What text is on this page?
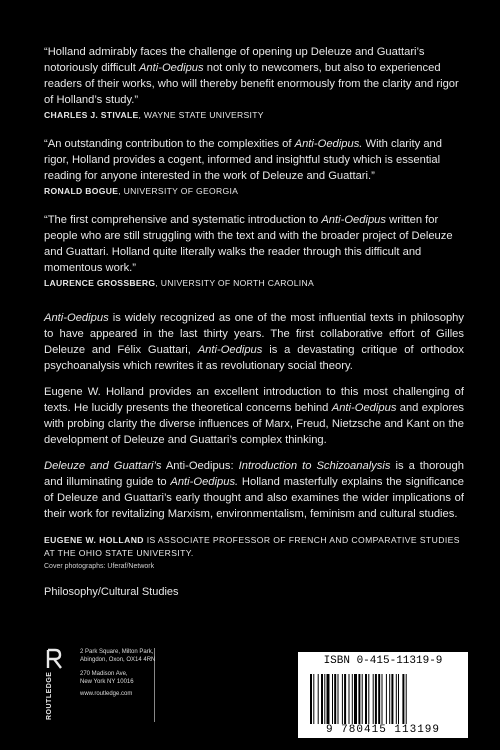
“Holland admirably faces the challenge of opening up Deleuze and Guattari’s notoriously difficult Anti-Oedipus not only to newcomers, but also to experienced readers of their works, who will thereby benefit enormously from the clarity and rigor of Holland’s study.”

CHARLES J. STIVALE, WAYNE STATE UNIVERSITY

“An outstanding contribution to the complexities of Anti-Oedipus. With clarity and rigor, Holland provides a cogent, informed and insightful study which is essential reading for anyone interested in the work of Deleuze and Guattari.”

RONALD BOGUE, UNIVERSITY OF GEORGIA

“The first comprehensive and systematic introduction to Anti-Oedipus written for people who are still struggling with the text and with the broader project of Deleuze and Guattari. Holland quite literally walks the reader through this difficult and momentous work.”

LAURENCE GROSSBERG, UNIVERSITY OF NORTH CAROLINA

Anti-Oedipus is widely recognized as one of the most influential texts in philosophy to have appeared in the last thirty years. The first collaborative effort of Gilles Deleuze and Félix Guattari, Anti-Oedipus is a devastating critique of orthodox psychoanalysis which rewrites it as revolutionary social theory.

Eugene W. Holland provides an excellent introduction to this most challenging of texts. He lucidly presents the theoretical concerns behind Anti-Oedipus and explores with probing clarity the diverse influences of Marx, Freud, Nietzsche and Kant on the development of Deleuze and Guattari’s complex thinking.

Deleuze and Guattari’s Anti-Oedipus: Introduction to Schizoanalysis is a thorough and illuminating guide to Anti-Oedipus. Holland masterfully explains the significance of Deleuze and Guattari’s early thought and also examines the wider implications of their work for revitalizing Marxism, environmentalism, feminism and cultural studies.

EUGENE W. HOLLAND IS ASSOCIATE PROFESSOR OF FRENCH AND COMPARATIVE STUDIES AT THE OHIO STATE UNIVERSITY.
Cover photographs: Uferaf/Network
Philosophy/Cultural Studies
ROUTLEDGE
2 Park Square, Milton Park,
Abingdon, Oxon, OX14 4RN
270 Madison Ave,
New York NY 10016
www.routledge.com
ISBN 0-415-11319-9
9 780415 113199
